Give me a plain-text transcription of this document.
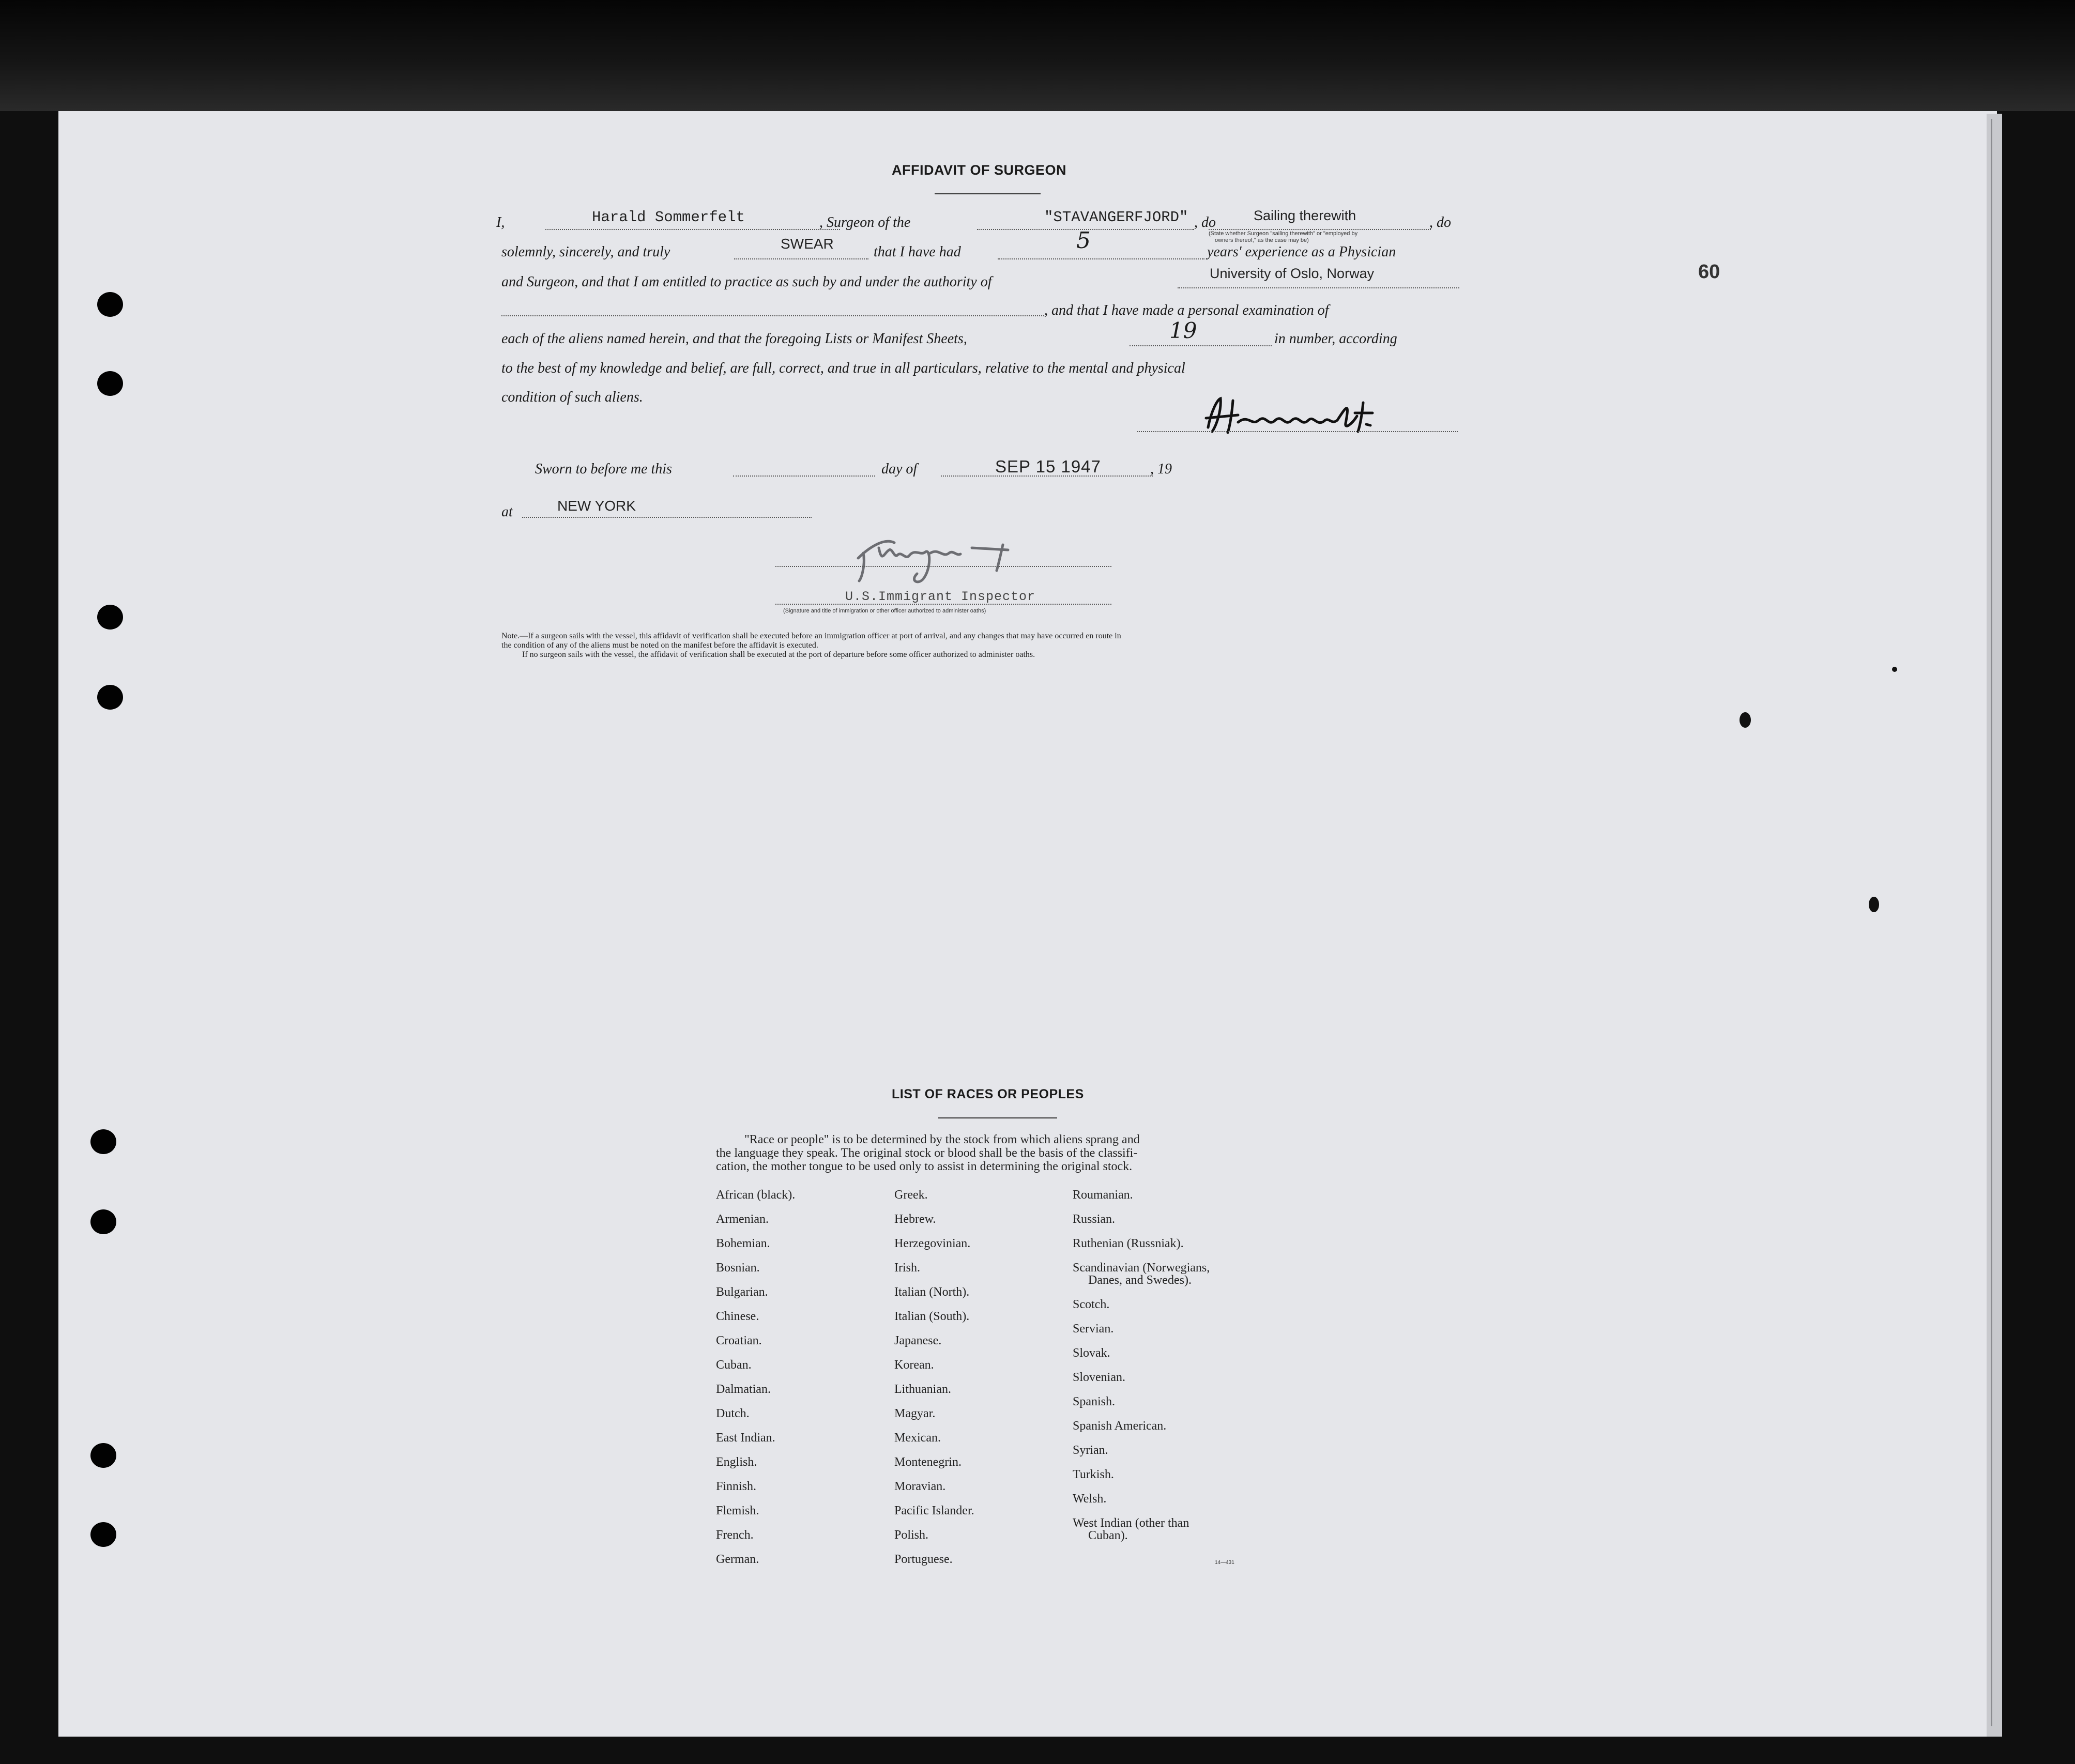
60
AFFIDAVIT OF SURGEON
I,	Harald Sommerfelt	, Surgeon of the	"STAVANGERFJORD" , do	Sailing therewith	, do
(State whether Surgeon "sailing therewith" or "employed by
owners thereof," as the case may be)
solemnly, sincerely, and truly
SWEAR
that I have had	5	years' experience as a Physician
and Surgeon, and that I am entitled to practice as such by and under the authority of
University of Oslo, Norway
, and that I have made a personal examination of
each of the aliens named herein, and that the foregoing Lists or Manifest Sheets,	19	in number, according
to the best of my knowledge and belief, are full, correct, and true in all particulars, relative to the mental and physical
condition of such aliens.
Sworn to before me this	day of	SEP 15 1947	, 19
at	NEW YORK
U.S.Immigrant Inspector
(Signature and title of immigration or other officer authorized to administer oaths)
Note.—If a surgeon sails with the vessel, this affidavit of verification shall be executed before an immigration officer at port of arrival, and any changes that may have occurred en route in
the condition of any of the aliens must be noted on the manifest before the affidavit is executed.
If no surgeon sails with the vessel, the affidavit of verification shall be executed at the port of departure before some officer authorized to administer oaths.
LIST OF RACES OR PEOPLES
"Race or people" is to be determined by the stock from which aliens sprang and
the language they speak. The original stock or blood shall be the basis of the classifi-
cation, the mother tongue to be used only to assist in determining the original stock.
African (black).
Armenian.
Bohemian.
Bosnian.
Bulgarian.
Chinese.
Croatian.
Cuban.
Dalmatian.
Dutch.
East Indian.
English.
Finnish.
Flemish.
French.
German.
Greek.
Hebrew.
Herzegovinian.
Irish.
Italian (North).
Italian (South).
Japanese.
Korean.
Lithuanian.
Magyar.
Mexican.
Montenegrin.
Moravian.
Pacific Islander.
Polish.
Portuguese.
Roumanian.
Russian.
Ruthenian (Russniak).
Scandinavian (Norwegians,
Danes, and Swedes).
Scotch.
Servian.
Slovak.
Slovenian.
Spanish.
Spanish American.
Syrian.
Turkish.
Welsh.
West Indian (other than
Cuban).
14—431
